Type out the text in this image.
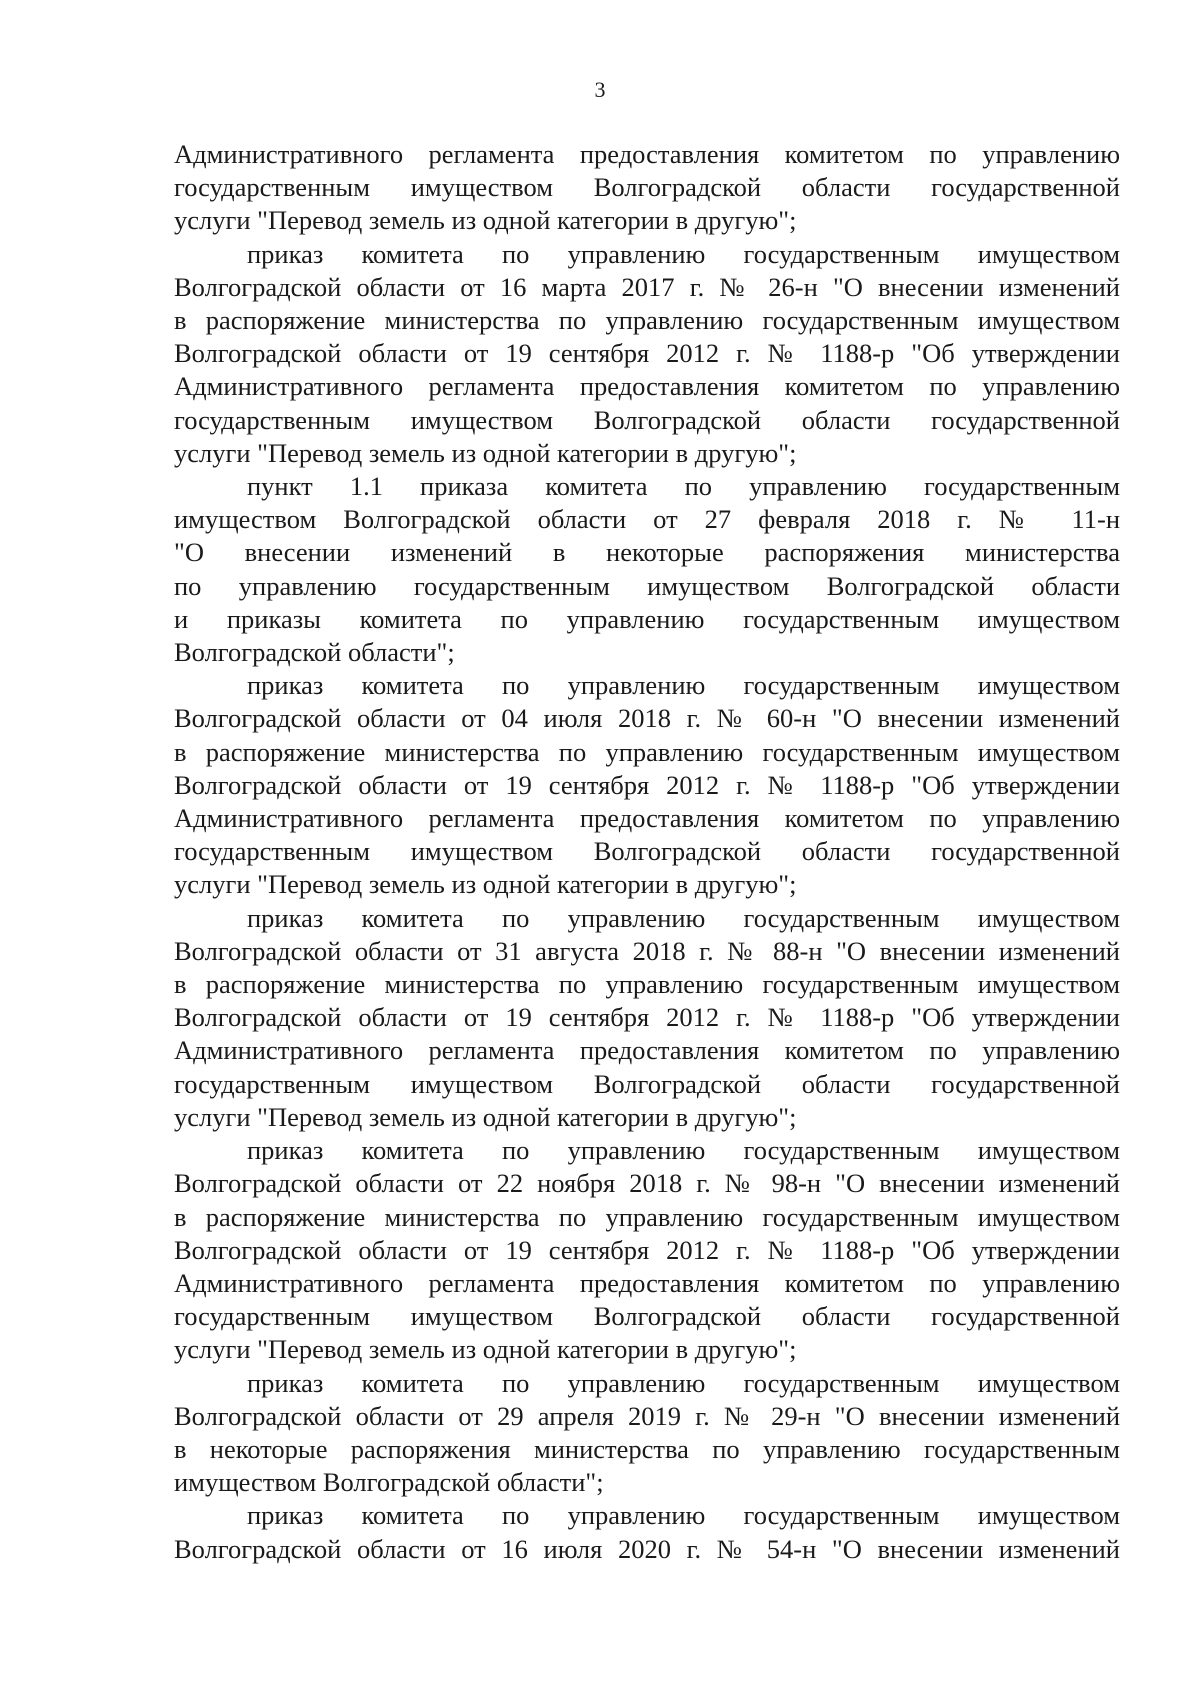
3

Административного регламента предоставления комитетом по управлению
государственным имуществом Волгоградской области государственной
услуги "Перевод земель из одной категории в другую";

приказ комитета по управлению государственным имуществом
Волгоградской области от 16 марта 2017 г. № 26-н "О внесении изменений
в распоряжение министерства по управлению государственным имуществом
Волгоградской области от 19 сентября 2012 г. № 1188-р "Об утверждении
Административного регламента предоставления комитетом по управлению
государственным имуществом Волгоградской области государственной
услуги "Перевод земель из одной категории в другую";

пункт 1.1 приказа комитета по управлению государственным
имуществом Волгоградской области от 27 февраля 2018 г. № 11-н
"О внесении изменений в некоторые распоряжения министерства
по управлению государственным имуществом Волгоградской области
и приказы комитета по управлению государственным имуществом
Волгоградской области";

приказ комитета по управлению государственным имуществом
Волгоградской области от 04 июля 2018 г. № 60-н "О внесении изменений
в распоряжение министерства по управлению государственным имуществом
Волгоградской области от 19 сентября 2012 г. № 1188-р "Об утверждении
Административного регламента предоставления комитетом по управлению
государственным имуществом Волгоградской области государственной
услуги "Перевод земель из одной категории в другую";

приказ комитета по управлению государственным имуществом
Волгоградской области от 31 августа 2018 г. № 88-н "О внесении изменений
в распоряжение министерства по управлению государственным имуществом
Волгоградской области от 19 сентября 2012 г. № 1188-р "Об утверждении
Административного регламента предоставления комитетом по управлению
государственным имуществом Волгоградской области государственной
услуги "Перевод земель из одной категории в другую";

приказ комитета по управлению государственным имуществом
Волгоградской области от 22 ноября 2018 г. № 98-н "О внесении изменений
в распоряжение министерства по управлению государственным имуществом
Волгоградской области от 19 сентября 2012 г. № 1188-р "Об утверждении
Административного регламента предоставления комитетом по управлению
государственным имуществом Волгоградской области государственной
услуги "Перевод земель из одной категории в другую";

приказ комитета по управлению государственным имуществом
Волгоградской области от 29 апреля 2019 г. № 29-н "О внесении изменений
в некоторые распоряжения министерства по управлению государственным
имуществом Волгоградской области";

приказ комитета по управлению государственным имуществом
Волгоградской области от 16 июля 2020 г. № 54-н "О внесении изменений
